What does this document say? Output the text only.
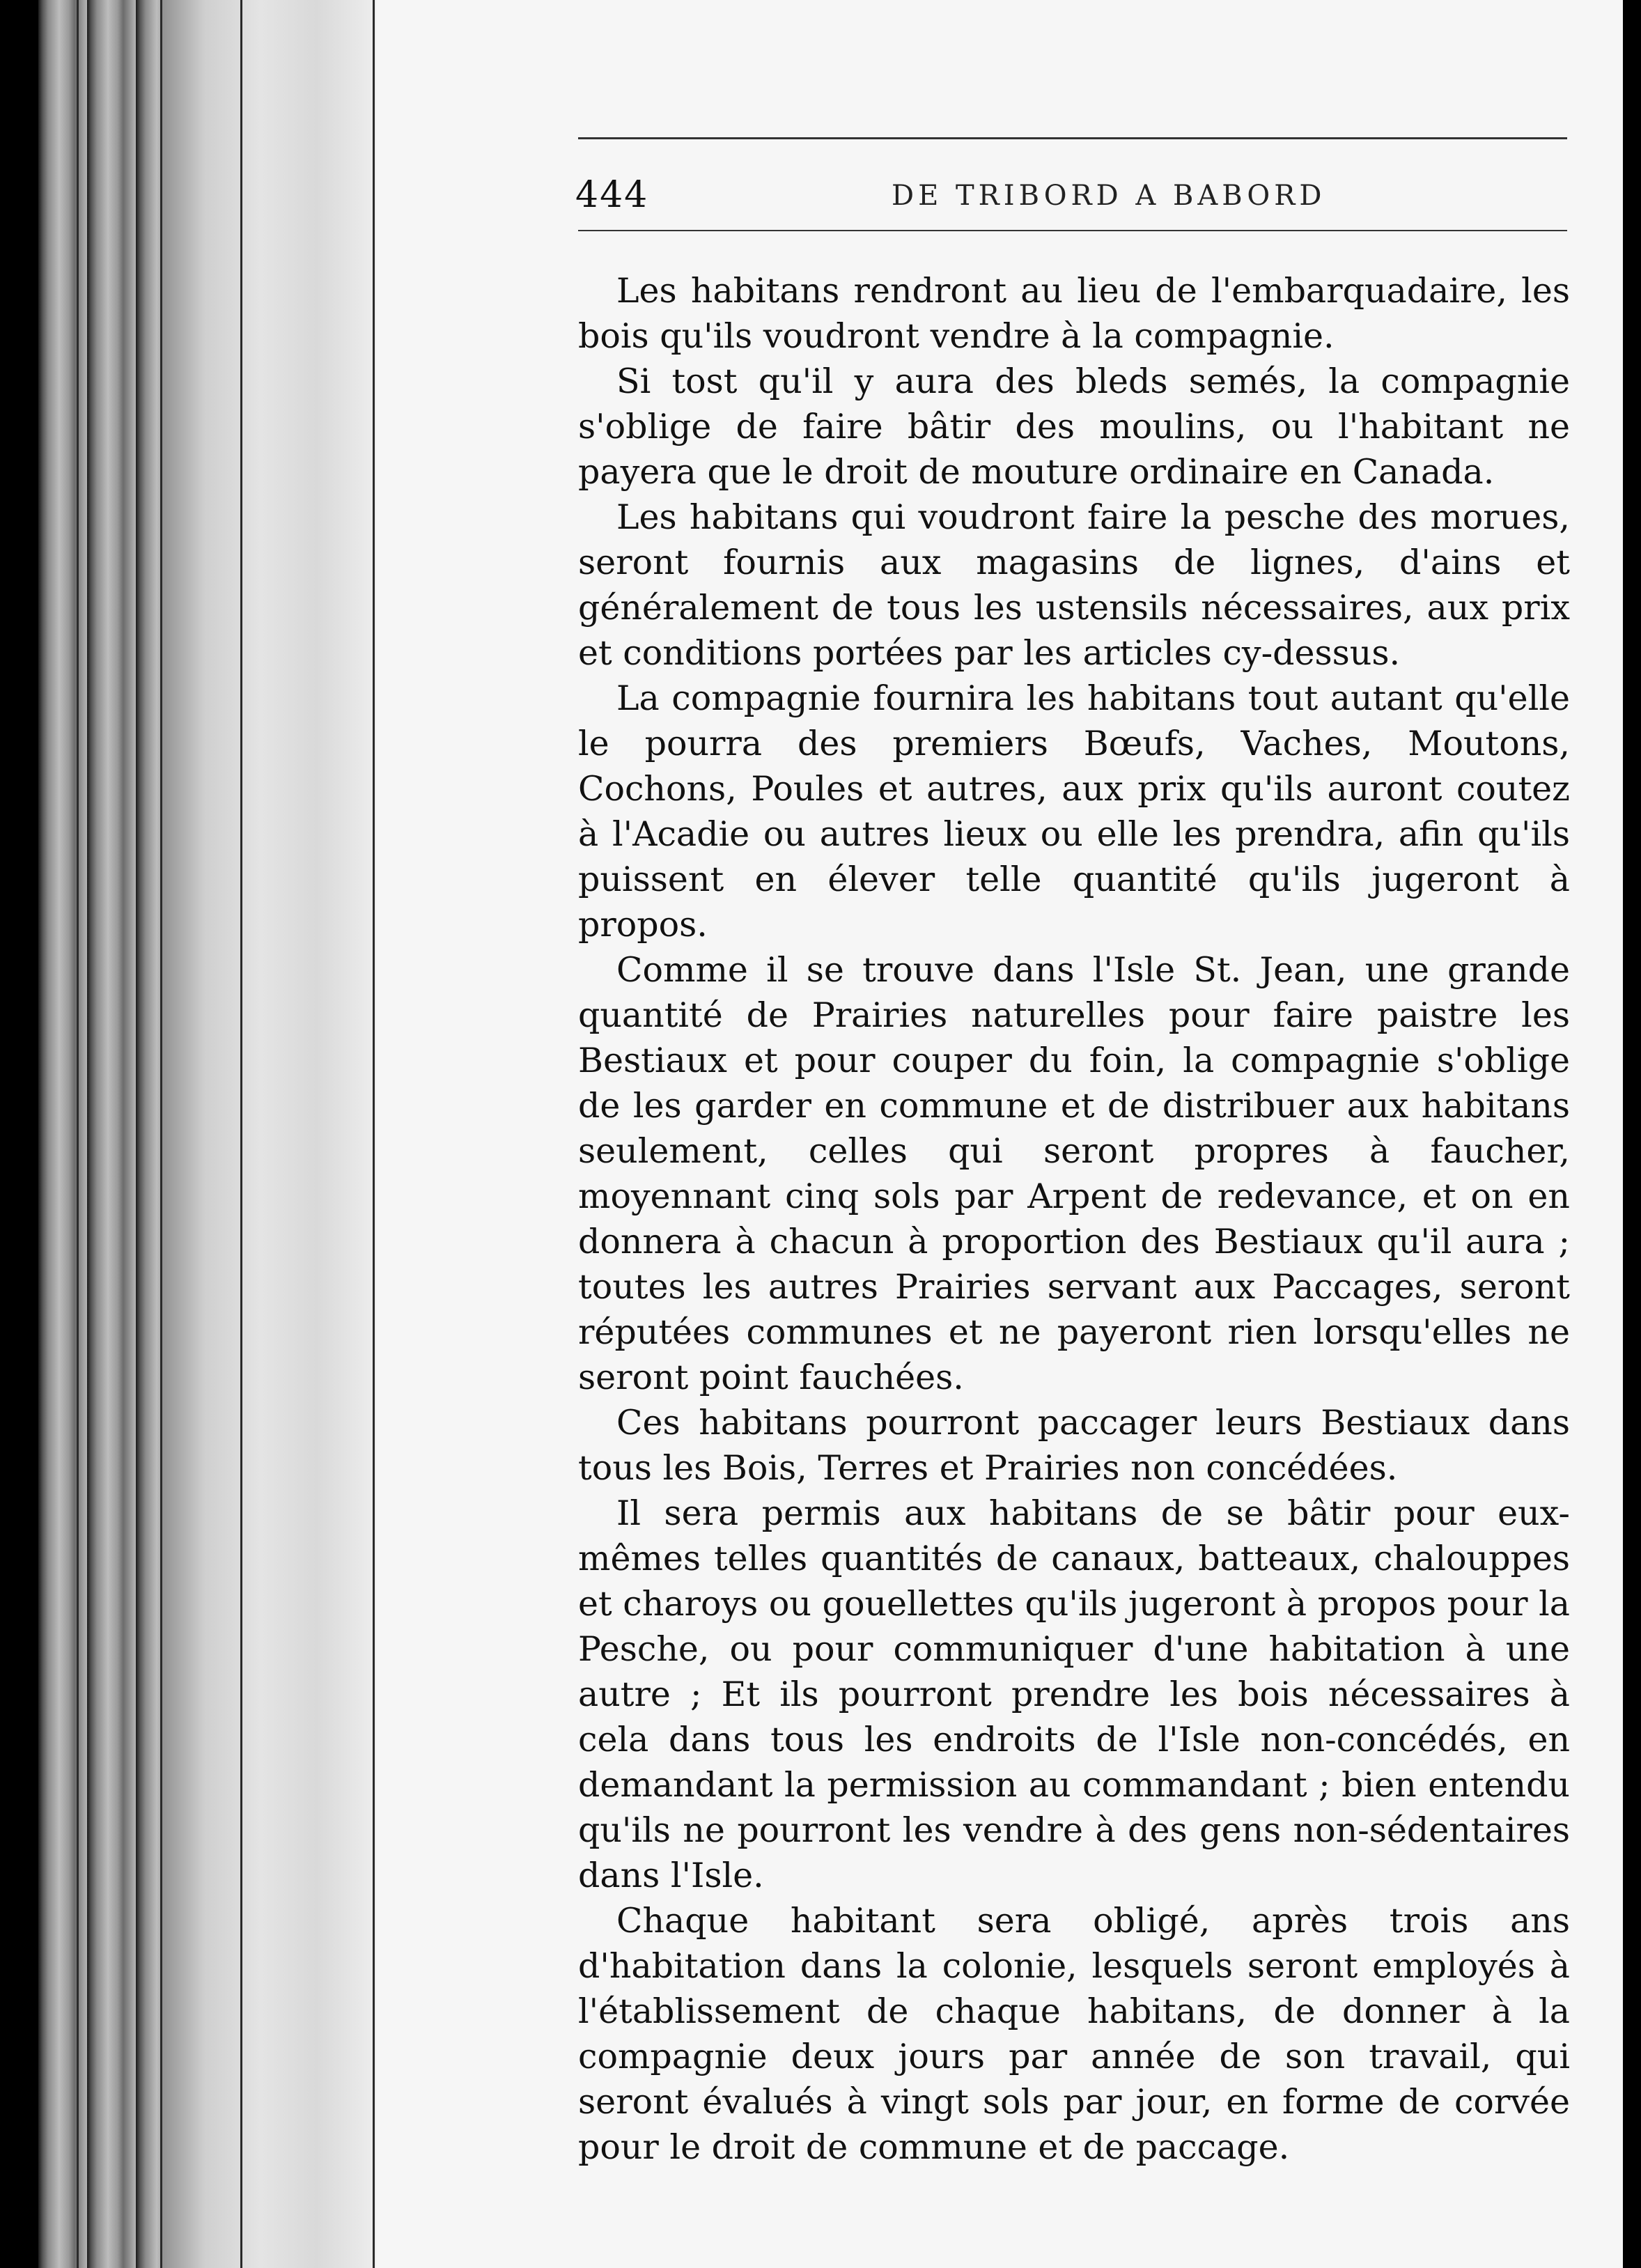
444	DE TRIBORD A BABORD

Les habitans rendront au lieu de l'embarquadaire, les bois qu'ils voudront vendre à la compagnie.

Si tost qu'il y aura des bleds semés, la compagnie s'oblige de faire bâtir des moulins, ou l'habitant ne payera que le droit de mouture ordinaire en Canada.

Les habitans qui voudront faire la pesche des morues, seront fournis aux magasins de lignes, d'ains et généralement de tous les ustensils nécessaires, aux prix et conditions portées par les articles cy-dessus.

La compagnie fournira les habitans tout autant qu'elle le pourra des premiers Bœufs, Vaches, Moutons, Cochons, Poules et autres, aux prix qu'ils auront coutez à l'Acadie ou autres lieux ou elle les prendra, afin qu'ils puissent en élever telle quantité qu'ils jugeront à propos.

Comme il se trouve dans l'Isle St. Jean, une grande quantité de Prairies naturelles pour faire paistre les Bestiaux et pour couper du foin, la compagnie s'oblige de les garder en commune et de distribuer aux habitans seulement, celles qui seront propres à faucher, moyennant cinq sols par Arpent de redevance, et on en donnera à chacun à proportion des Bestiaux qu'il aura ; toutes les autres Prairies servant aux Paccages, seront réputées communes et ne payeront rien lorsqu'elles ne seront point fauchées.

Ces habitans pourront paccager leurs Bestiaux dans tous les Bois, Terres et Prairies non concédées.

Il sera permis aux habitans de se bâtir pour eux-mêmes telles quantités de canaux, batteaux, chalouppes et charoys ou gouellettes qu'ils jugeront à propos pour la Pesche, ou pour communiquer d'une habitation à une autre ; Et ils pourront prendre les bois nécessaires à cela dans tous les endroits de l'Isle non-concédés, en demandant la permission au commandant ; bien entendu qu'ils ne pourront les vendre à des gens non-sédentaires dans l'Isle.

Chaque habitant sera obligé, après trois ans d'habitation dans la colonie, lesquels seront employés à l'établissement de chaque habitans, de donner à la compagnie deux jours par année de son travail, qui seront évalués à vingt sols par jour, en forme de corvée pour le droit de commune et de paccage.
